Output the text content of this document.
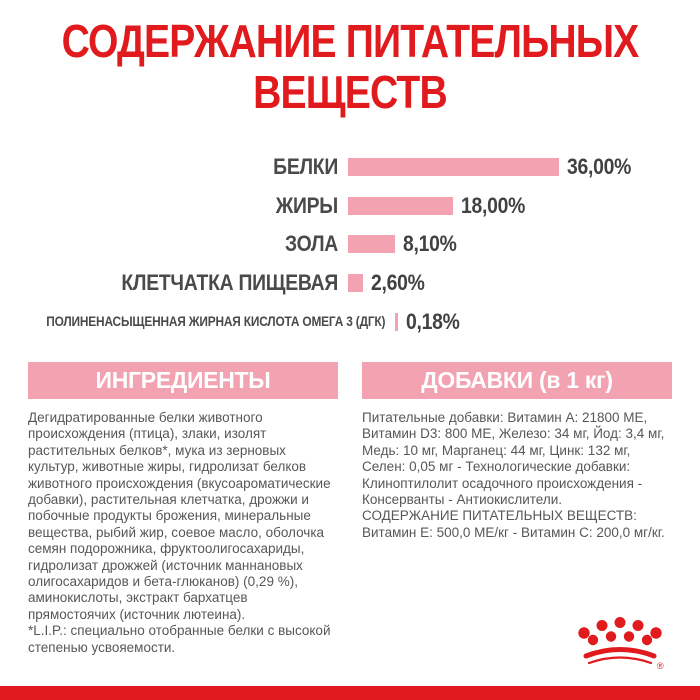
СОДЕРЖАНИЕ ПИТАТЕЛЬНЫХ
ВЕЩЕСТВ
БЕЛКИ	36,00%
ЖИРЫ	18,00%
ЗОЛА	8,10%
КЛЕТЧАТКА ПИЩЕВАЯ 2,60%
ПОЛИНЕНАСЫЩЕННАЯ ЖИРНАЯ КИСЛОТА ОМЕГА 3 (ДГК) 0,18%
ИНГРЕДИЕНТЫ

Дегидратированные белки животного происхождения (птица), злаки, изолят растительных белков*, мука из зерновых культур, животные жиры, гидролизат белков животного происхождения (вкусоароматические добавки), растительная клетчатка, дрожжи и побочные продукты брожения, минеральные вещества, рыбий жир, соевое масло, оболочка семян подорожника, фруктоолигосахариды, гидролизат дрожжей (источник маннановых олигосахаридов и бета-глюканов) (0,29 %), аминокислоты, экстракт бархатцев прямостоячих (источник лютеина).

*L.I.P.: специально отобранные белки с высокой степенью усвояемости.

ДОБАВКИ (в 1 кг)

Питательные добавки: Витамин A: 21800 ME, Витамин D3: 800 ME, Железо: 34 мг, Йод: 3,4 мг, Медь: 10 мг, Марганец: 44 мг, Цинк: 132 мг, Селен: 0,05 мг - Технологические добавки: Клиноптилолит осадочного происхождения - Консерванты - Антиокислители.

СОДЕРЖАНИЕ ПИТАТЕЛЬНЫХ ВЕЩЕСТВ: Витамин E: 500,0 МЕ/кг - Витамин C: 200,0 мг/кг.

®
